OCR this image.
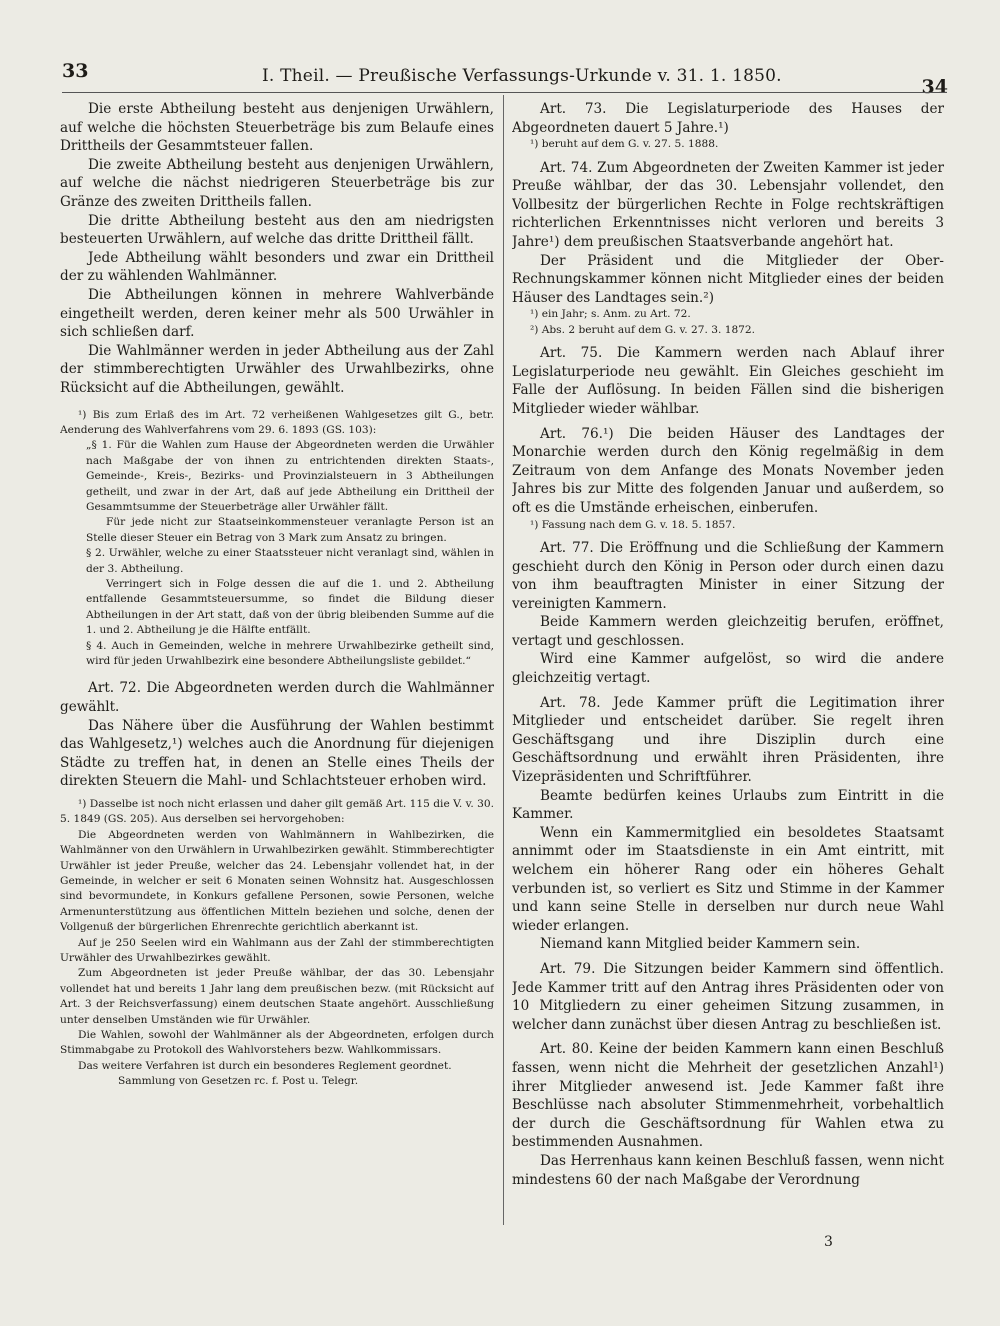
33	I. Theil. — Preußische Verfassungs-Urkunde v. 31. 1. 1850.	34

Die erste Abtheilung besteht aus denjenigen Urwählern, auf welche die höchsten Steuerbeträge bis zum Belaufe eines Drittheils der Gesammtsteuer fallen.

Die zweite Abtheilung besteht aus denjenigen Urwählern, auf welche die nächst niedrigeren Steuerbeträge bis zur Gränze des zweiten Drittheils fallen.

Die dritte Abtheilung besteht aus den am niedrigsten besteuerten Urwählern, auf welche das dritte Drittheil fällt.

Jede Abtheilung wählt besonders und zwar ein Drittheil der zu wählenden Wahlmänner.

Die Abtheilungen können in mehrere Wahlverbände eingetheilt werden, deren keiner mehr als 500 Urwähler in sich schließen darf.

Die Wahlmänner werden in jeder Abtheilung aus der Zahl der stimmberechtigten Urwähler des Urwahlbezirks, ohne Rücksicht auf die Abtheilungen, gewählt.

¹) Bis zum Erlaß des im Art. 72 verheißenen Wahlgesetzes gilt G., betr. Aenderung des Wahlverfahrens vom 29. 6. 1893 (GS. 103):

„§ 1. Für die Wahlen zum Hause der Abgeordneten werden die Urwähler nach Maßgabe der von ihnen zu entrichtenden direkten Staats-, Gemeinde-, Kreis-, Bezirks- und Provinzialsteuern in 3 Abtheilungen getheilt, und zwar in der Art, daß auf jede Abtheilung ein Drittheil der Gesammtsumme der Steuerbeträge aller Urwähler fällt.

Für jede nicht zur Staatseinkommensteuer veranlagte Person ist an Stelle dieser Steuer ein Betrag von 3 Mark zum Ansatz zu bringen.

§ 2. Urwähler, welche zu einer Staatssteuer nicht veranlagt sind, wählen in der 3. Abtheilung.

Verringert sich in Folge dessen die auf die 1. und 2. Abtheilung entfallende Gesammtsteuersumme, so findet die Bildung dieser Abtheilungen in der Art statt, daß von der übrig bleibenden Summe auf die 1. und 2. Abtheilung je die Hälfte entfällt.

§ 4. Auch in Gemeinden, welche in mehrere Urwahlbezirke getheilt sind, wird für jeden Urwahlbezirk eine besondere Abtheilungsliste gebildet.“

Art. 72. Die Abgeordneten werden durch die Wahlmänner gewählt.

Das Nähere über die Ausführung der Wahlen bestimmt das Wahlgesetz,¹) welches auch die Anordnung für diejenigen Städte zu treffen hat, in denen an Stelle eines Theils der direkten Steuern die Mahl- und Schlachtsteuer erhoben wird.

¹) Dasselbe ist noch nicht erlassen und daher gilt gemäß Art. 115 die V. v. 30. 5. 1849 (GS. 205). Aus derselben sei hervorgehoben:

Die Abgeordneten werden von Wahlmännern in Wahlbezirken, die Wahlmänner von den Urwählern in Urwahlbezirken gewählt. Stimmberechtigter Urwähler ist jeder Preuße, welcher das 24. Lebensjahr vollendet hat, in der Gemeinde, in welcher er seit 6 Monaten seinen Wohnsitz hat. Ausgeschlossen sind bevormundete, in Konkurs gefallene Personen, sowie Personen, welche Armenunterstützung aus öffentlichen Mitteln beziehen und solche, denen der Vollgenuß der bürgerlichen Ehrenrechte gerichtlich aberkannt ist.

Auf je 250 Seelen wird ein Wahlmann aus der Zahl der stimmberechtigten Urwähler des Urwahlbezirkes gewählt.

Zum Abgeordneten ist jeder Preuße wählbar, der das 30. Lebensjahr vollendet hat und bereits 1 Jahr lang dem preußischen bezw. (mit Rücksicht auf Art. 3 der Reichsverfassung) einem deutschen Staate angehört. Ausschließung unter denselben Umständen wie für Urwähler.

Die Wahlen, sowohl der Wahlmänner als der Abgeordneten, erfolgen durch Stimmabgabe zu Protokoll des Wahlvorstehers bezw. Wahlkommissars.

Das weitere Verfahren ist durch ein besonderes Reglement geordnet.

Sammlung von Gesetzen rc. f. Post u. Telegr.

Art. 73. Die Legislaturperiode des Hauses der Abgeordneten dauert 5 Jahre.¹)

¹) beruht auf dem G. v. 27. 5. 1888.

Art. 74. Zum Abgeordneten der Zweiten Kammer ist jeder Preuße wählbar, der das 30. Lebensjahr vollendet, den Vollbesitz der bürgerlichen Rechte in Folge rechtskräftigen richterlichen Erkenntnisses nicht verloren und bereits 3 Jahre¹) dem preußischen Staatsverbande angehört hat.

Der Präsident und die Mitglieder der Ober-Rechnungskammer können nicht Mitglieder eines der beiden Häuser des Landtages sein.²)

¹) ein Jahr; s. Anm. zu Art. 72.

²) Abs. 2 beruht auf dem G. v. 27. 3. 1872.

Art. 75. Die Kammern werden nach Ablauf ihrer Legislaturperiode neu gewählt. Ein Gleiches geschieht im Falle der Auflösung. In beiden Fällen sind die bisherigen Mitglieder wieder wählbar.

Art. 76.¹) Die beiden Häuser des Landtages der Monarchie werden durch den König regelmäßig in dem Zeitraum von dem Anfange des Monats November jeden Jahres bis zur Mitte des folgenden Januar und außerdem, so oft es die Umstände erheischen, einberufen.

¹) Fassung nach dem G. v. 18. 5. 1857.

Art. 77. Die Eröffnung und die Schließung der Kammern geschieht durch den König in Person oder durch einen dazu von ihm beauftragten Minister in einer Sitzung der vereinigten Kammern.

Beide Kammern werden gleichzeitig berufen, eröffnet, vertagt und geschlossen.

Wird eine Kammer aufgelöst, so wird die andere gleichzeitig vertagt.

Art. 78. Jede Kammer prüft die Legitimation ihrer Mitglieder und entscheidet darüber. Sie regelt ihren Geschäftsgang und ihre Disziplin durch eine Geschäftsordnung und erwählt ihren Präsidenten, ihre Vizepräsidenten und Schriftführer.

Beamte bedürfen keines Urlaubs zum Eintritt in die Kammer.

Wenn ein Kammermitglied ein besoldetes Staatsamt annimmt oder im Staatsdienste in ein Amt eintritt, mit welchem ein höherer Rang oder ein höheres Gehalt verbunden ist, so verliert es Sitz und Stimme in der Kammer und kann seine Stelle in derselben nur durch neue Wahl wieder erlangen.

Niemand kann Mitglied beider Kammern sein.

Art. 79. Die Sitzungen beider Kammern sind öffentlich. Jede Kammer tritt auf den Antrag ihres Präsidenten oder von 10 Mitgliedern zu einer geheimen Sitzung zusammen, in welcher dann zunächst über diesen Antrag zu beschließen ist.

Art. 80. Keine der beiden Kammern kann einen Beschluß fassen, wenn nicht die Mehrheit der gesetzlichen Anzahl¹) ihrer Mitglieder anwesend ist. Jede Kammer faßt ihre Beschlüsse nach absoluter Stimmenmehrheit, vorbehaltlich der durch die Geschäftsordnung für Wahlen etwa zu bestimmenden Ausnahmen.

Das Herrenhaus kann keinen Beschluß fassen, wenn nicht mindestens 60 der nach Maßgabe der Verordnung

3
